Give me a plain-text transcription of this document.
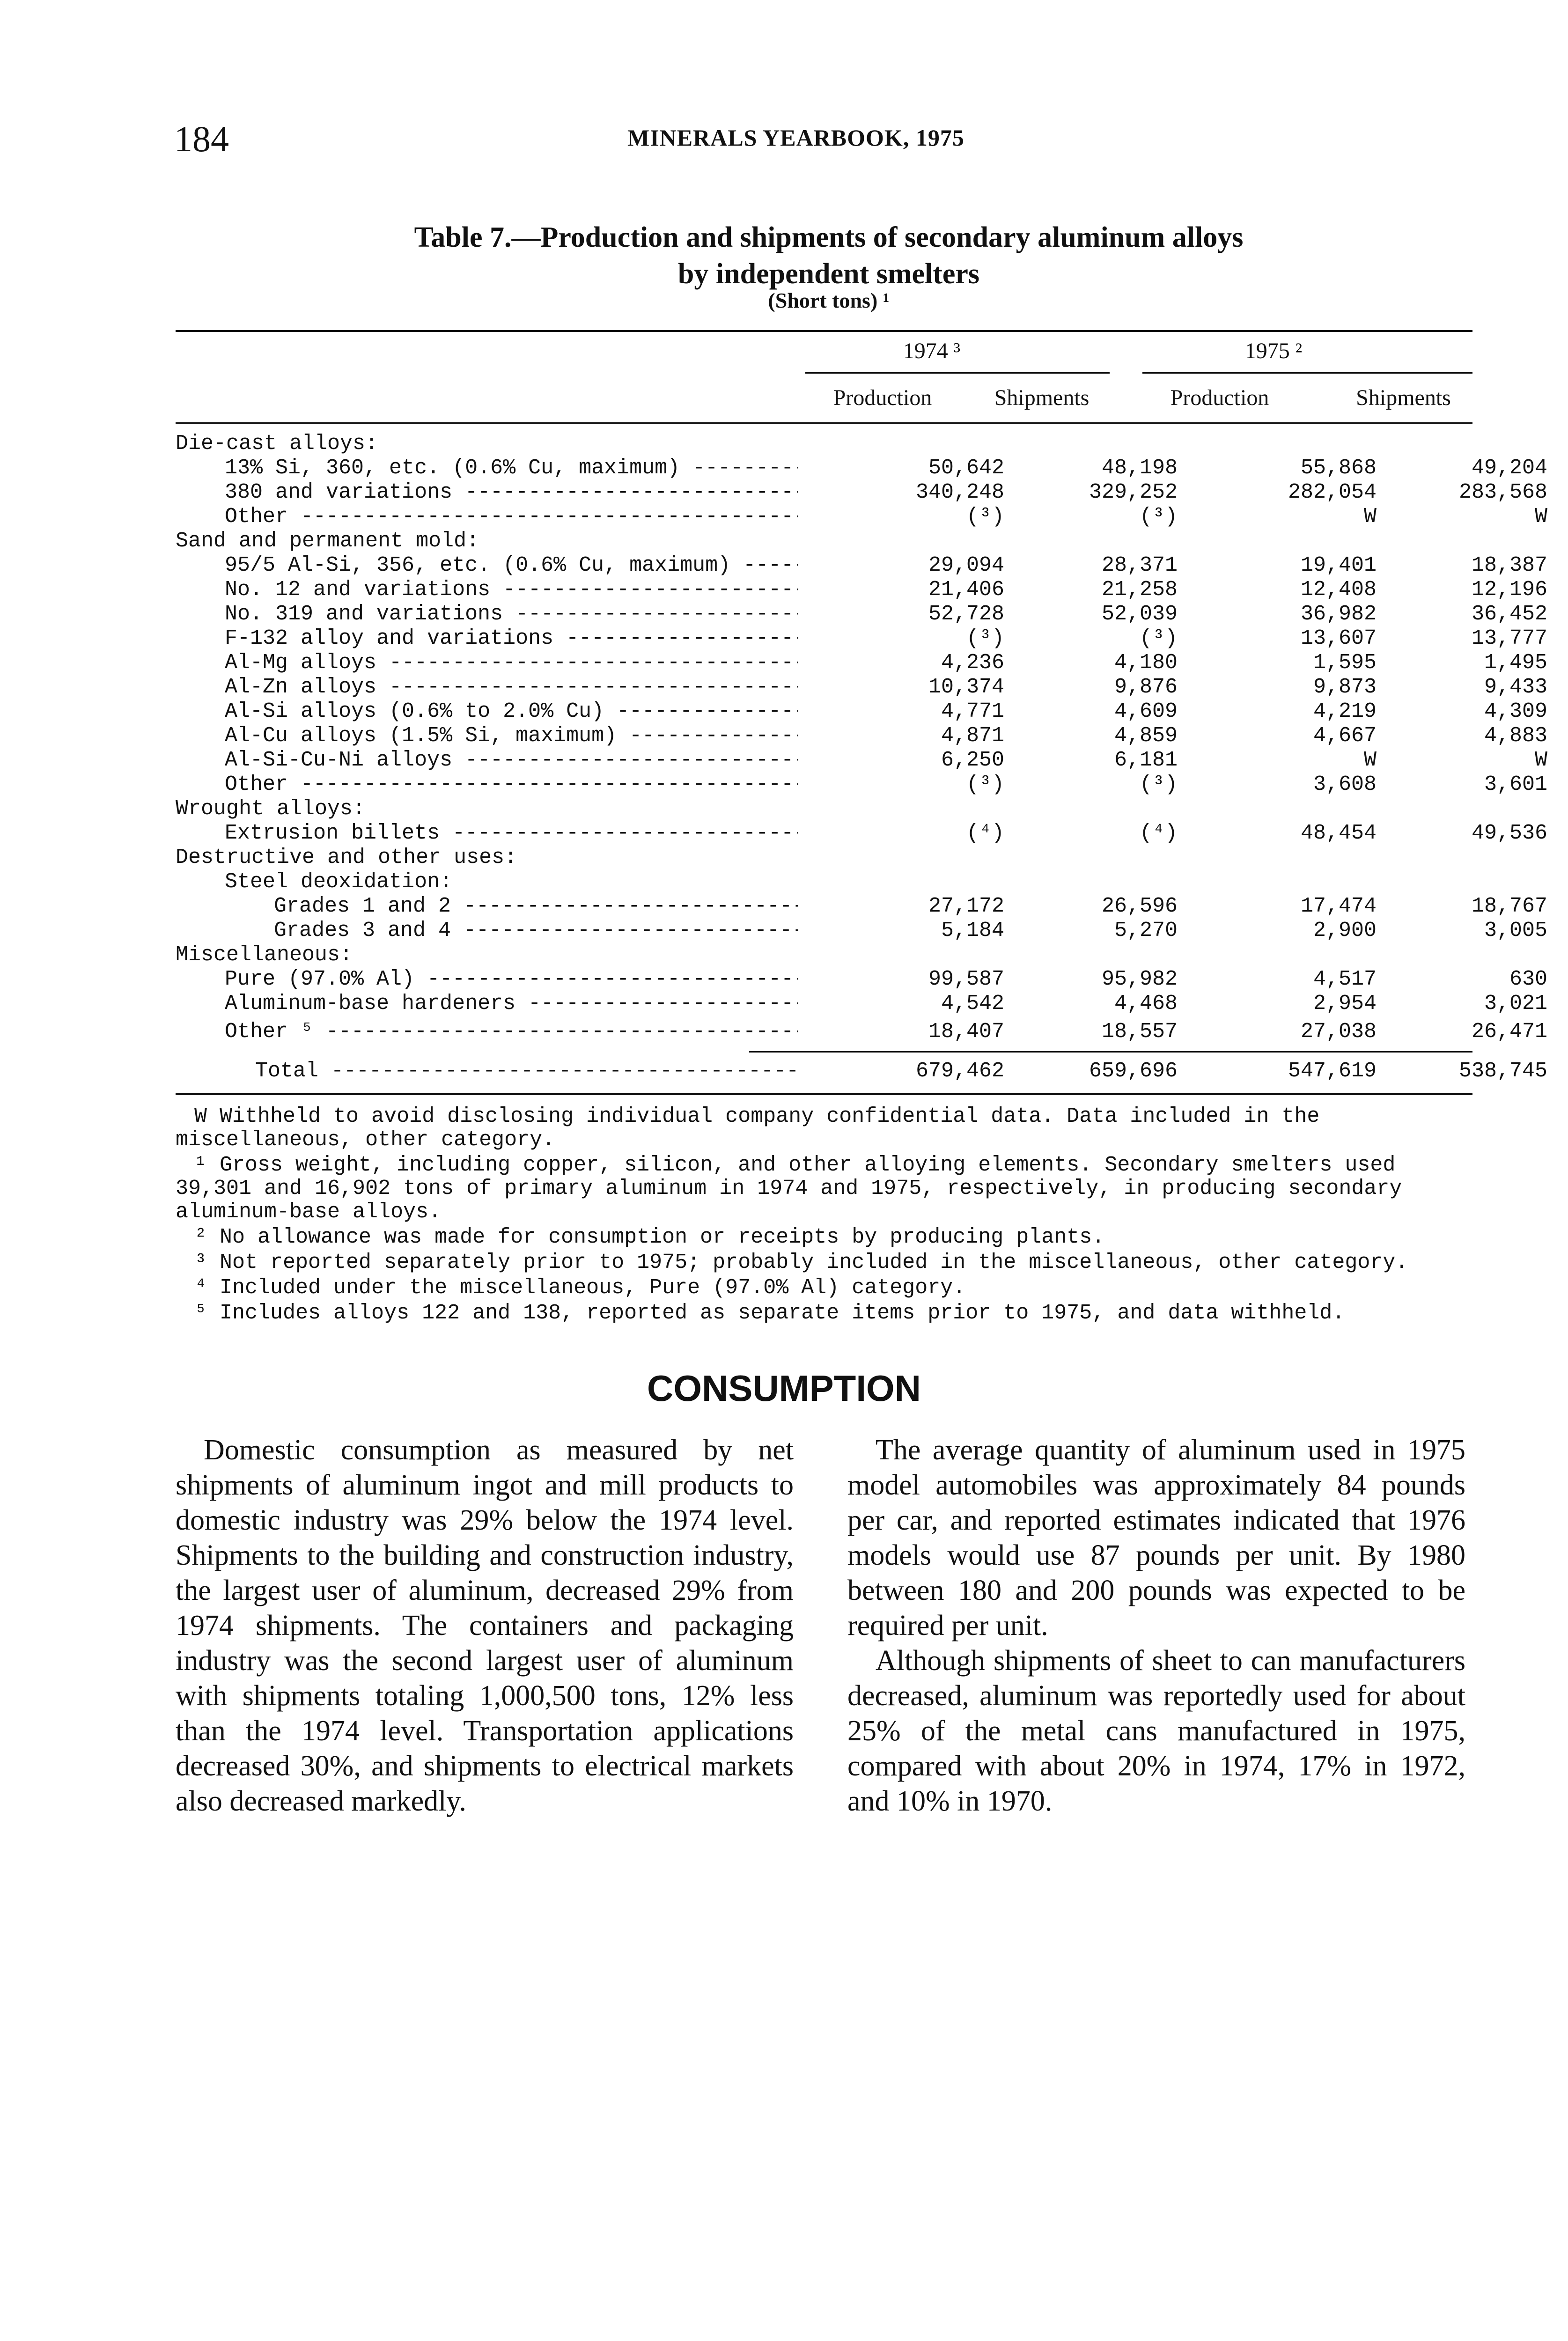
184	MINERALS YEARBOOK, 1975
Table 7.—Production and shipments of secondary aluminum alloys
by independent smelters
(Short tons) ¹
1974 ³	1975 ²
Production	Shipments	Production	Shipments
Die-cast alloys:
13% Si, 360, etc. (0.6% Cu, maximum) -----	50,642	48,198	55,868	49,204
380 and variations -----	340,248	329,252	282,054	283,568
Other -----	(³)	(³)	W	W
Sand and permanent mold:
95/5 Al-Si, 356, etc. (0.6% Cu, maximum) -----	29,094	28,371	19,401	18,387
No. 12 and variations -----	21,406	21,258	12,408	12,196
No. 319 and variations -----	52,728	52,039	36,982	36,452
F-132 alloy and variations -----	(³)	(³)	13,607	13,777
Al-Mg alloys -----	4,236	4,180	1,595	1,495
Al-Zn alloys -----	10,374	9,876	9,873	9,433
Al-Si alloys (0.6% to 2.0% Cu) -----	4,771	4,609	4,219	4,309
Al-Cu alloys (1.5% Si, maximum) -----	4,871	4,859	4,667	4,883
Al-Si-Cu-Ni alloys -----	6,250	6,181	W	W
Other -----	(³)	(³)	3,608	3,601
Wrought alloys:
Extrusion billets -----	(⁴)	(⁴)	48,454	49,536
Destructive and other uses:
Steel deoxidation:
Grades 1 and 2 -----	27,172	26,596	17,474	18,767
Grades 3 and 4 -----	5,184	5,270	2,900	3,005
Miscellaneous:
Pure (97.0% Al) -----	99,587	95,982	4,517	630
Aluminum-base hardeners -----	4,542	4,468	2,954	3,021
Other ⁵ -----	18,407	18,557	27,038	26,471
Total -----	679,462	659,696	547,619	538,745
W Withheld to avoid disclosing individual company confidential data. Data included in the miscellaneous, other category.
¹ Gross weight, including copper, silicon, and other alloying elements. Secondary smelters used 39,301 and 16,902 tons of primary aluminum in 1974 and 1975, respectively, in producing secondary aluminum-base alloys.
² No allowance was made for consumption or receipts by producing plants.
³ Not reported separately prior to 1975; probably included in the miscellaneous, other category.
⁴ Included under the miscellaneous, Pure (97.0% Al) category.
⁵ Includes alloys 122 and 138, reported as separate items prior to 1975, and data withheld.
CONSUMPTION

Domestic consumption as measured by net shipments of aluminum ingot and mill products to domestic industry was 29% below the 1974 level. Shipments to the building and construction industry, the largest user of aluminum, decreased 29% from 1974 shipments. The containers and packaging industry was the second largest user of aluminum with shipments totaling 1,000,500 tons, 12% less than the 1974 level. Transportation applications decreased 30%, and shipments to electrical markets also decreased markedly.

The average quantity of aluminum used in 1975 model automobiles was approximately 84 pounds per car, and reported estimates indicated that 1976 models would use 87 pounds per unit. By 1980 between 180 and 200 pounds was expected to be required per unit.

Although shipments of sheet to can manufacturers decreased, aluminum was reportedly used for about 25% of the metal cans manufactured in 1975, compared with about 20% in 1974, 17% in 1972, and 10% in 1970.
